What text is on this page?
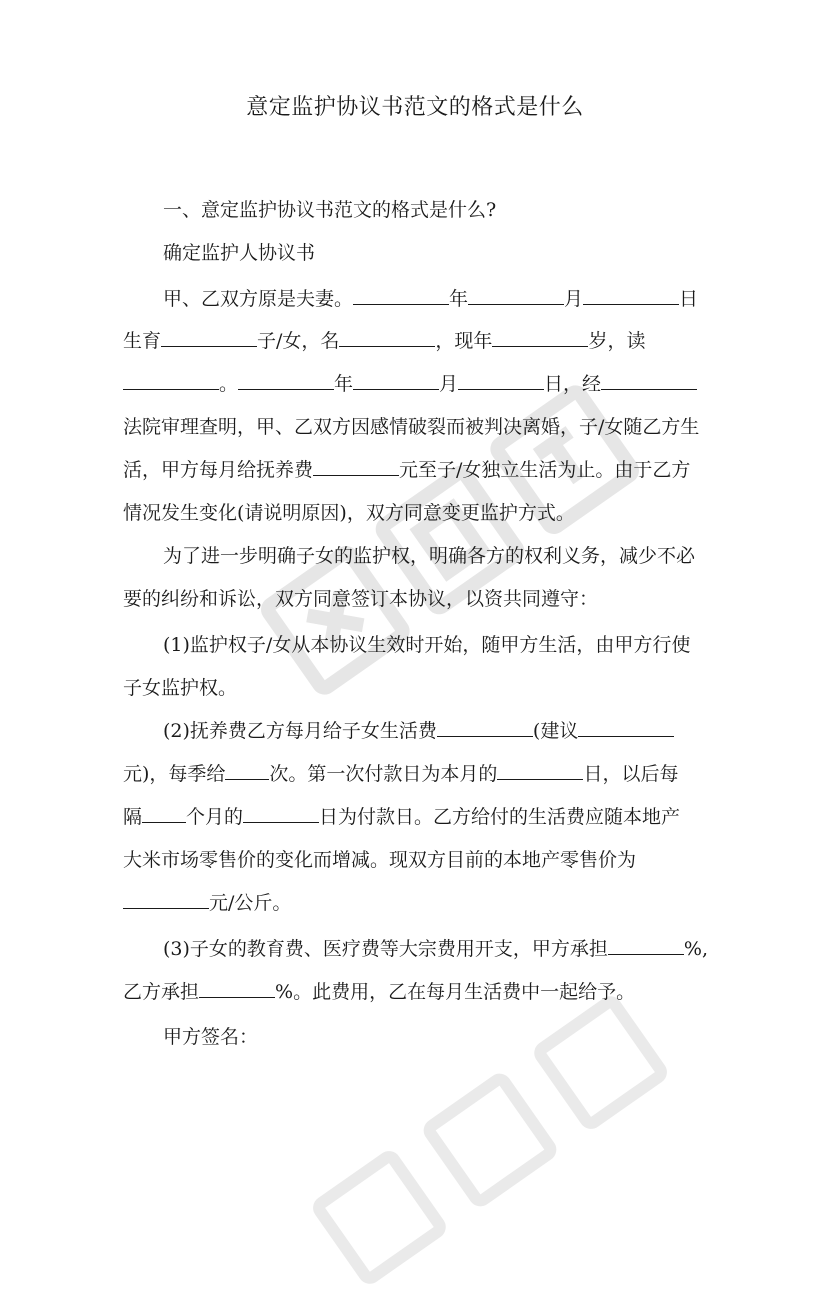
意定监护协议书范文的格式是什么
一、意定监护协议书范文的格式是什么?
确定监护人协议书
甲、乙双方原是夫妻。	年	月	日
生育	子/女，名	，现年	岁，读
。	年	月	日，经
法院审理查明，甲、乙双方因感情破裂而被判决离婚，子/女随乙方生
活，甲方每月给抚养费	元至子/女独立生活为止。由于乙方
情况发生变化(请说明原因)，双方同意变更监护方式。
为了进一步明确子女的监护权，明确各方的权利义务，减少不必
要的纠纷和诉讼，双方同意签订本协议，以资共同遵守：
(1)监护权子/女从本协议生效时开始，随甲方生活，由甲方行使
子女监护权。
(2)抚养费乙方每月给子女生活费	(建议
元)，每季给 次。第一次付款日为本月的	日，以后每
隔 个月的	日为付款日。乙方给付的生活费应随本地产
大米市场零售价的变化而增减。现双方目前的本地产零售价为
元/公斤。
(3)子女的教育费、医疗费等大宗费用开支，甲方承担	%,
乙方承担	%。此费用，乙在每月生活费中一起给予。
甲方签名：
